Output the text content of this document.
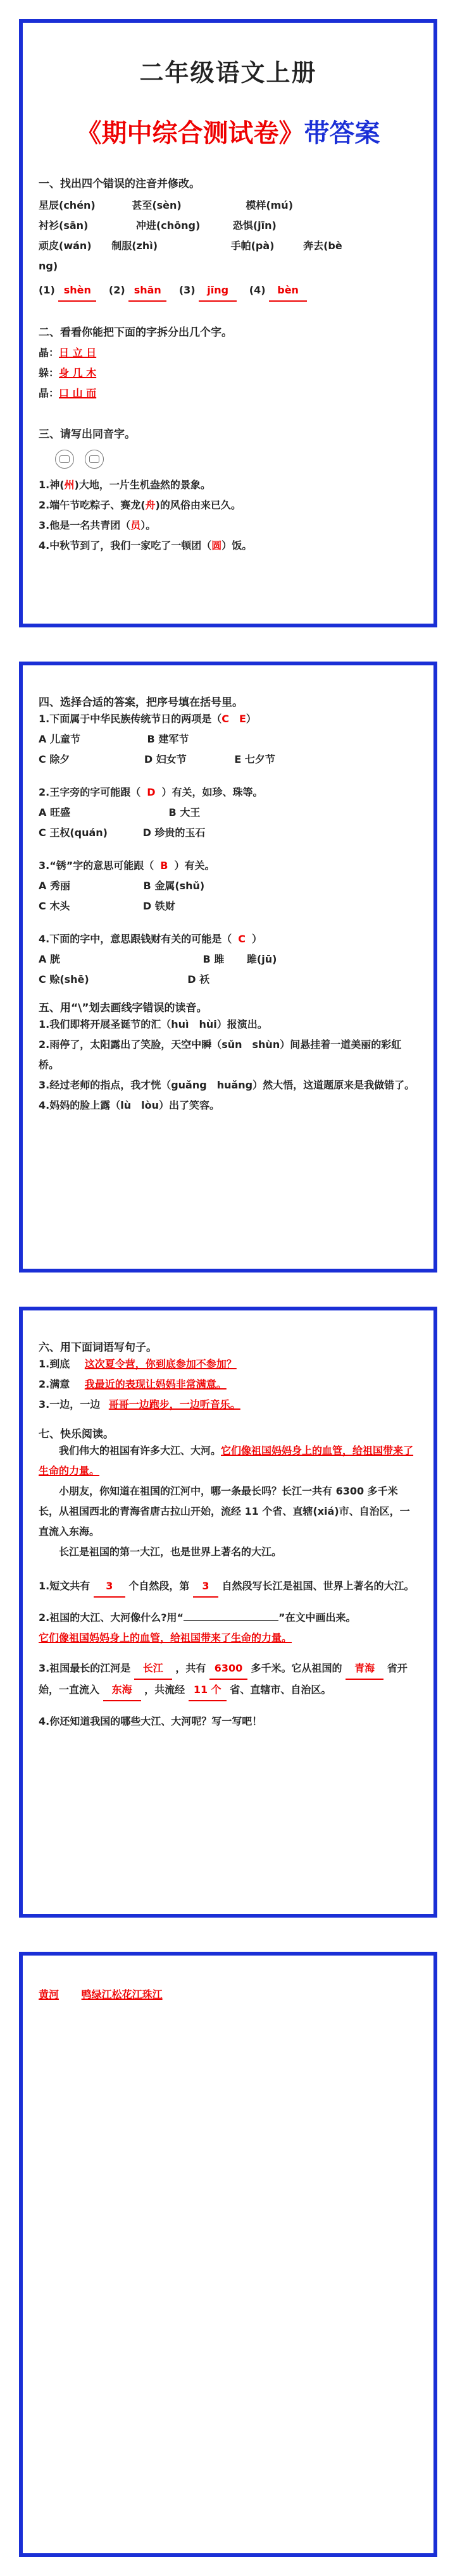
二年级语文上册
《期中综合测试卷》带答案
一、找出四个错误的注音并修改。
星辰(chén)	甚至(sèn)	模样(mú)
衬衫(sān)	冲进(chōng)	恐惧(jīn)
顽皮(wán) 制服(zhì)	手帕(pà)	奔去(bè
ng)
(1) shèn (2) shān (3) jīng (4) bèn
二、看看你能把下面的字拆分出几个字。
晶：日 立 日
躲：身 几 木
晶：口 山 而
三、请写出同音字。

1.神(州)大地，一片生机盎然的景象。
2.端午节吃粽子、赛龙(舟)的风俗由来已久。
3.他是一名共青团（员）。
4.中秋节到了，我们一家吃了一顿团（圆）饭。
四、选择合适的答案，把序号填在括号里。
1.下面属于中华民族传统节日的两项是（C　E）
A 儿童节	B 建军节
C 除夕	D 妇女节	E 七夕节
2.王字旁的字可能跟（ D ）有关，如珍、珠等。
A 旺盛	B 大王
C 王权(quán)	D 珍贵的玉石
3.“锈”字的意思可能跟（ B ）有关。
A 秀丽	B 金属(shǔ)
C 木头	D 铁财
4.下面的字中，意思跟钱财有关的可能是（ C ）
A 胱	B 雎 雎(jū)
C 赊(shē)	D 袄
五、用“\”划去画线字错误的读音。
1.我们即将开展圣诞节的汇（huì　hùi）报演出。
2.雨停了，太阳露出了笑脸，天空中瞬（sǔn　shùn）间悬挂着一道美丽的彩虹桥。
3.经过老师的指点，我才恍（guǎng　huǎng）然大悟，这道题原来是我做错了。
4.妈妈的脸上露（lù　lòu）出了笑容。
六、用下面词语写句子。
1.到底 这次夏令营，你到底参加不参加？
2.满意 我最近的表现让妈妈非常满意。
3.一边，一边 哥哥一边跑步，一边听音乐。
七、快乐阅读。
我们伟大的祖国有许多大江、大河。它们像祖国妈妈身上的血管，给祖国带来了生命的力量。
小朋友，你知道在祖国的江河中，哪一条最长吗？长江一共有 6300 多千米长，从祖国西北的青海省唐古拉山开始，流经 11 个省、直辖(xiá)市、自治区，一直流入东海。
长江是祖国的第一大江，也是世界上著名的大江。
1.短文共有 3 个自然段，第 3 自然段写长江是祖国、世界上著名的大江。
2.祖国的大江、大河像什么?用“	”在文中画出来。
它们像祖国妈妈身上的血管，给祖国带来了生命的力量。
3.祖国最长的江河是 长江 ，共有 6300 多千米。它从祖国的 青海 省开始，一直流入 东海 ，共流经 11 个 省、直辖市、自治区。
4.你还知道我国的哪些大江、大河呢？写一写吧！
黄河 鸭绿江松花江珠江
